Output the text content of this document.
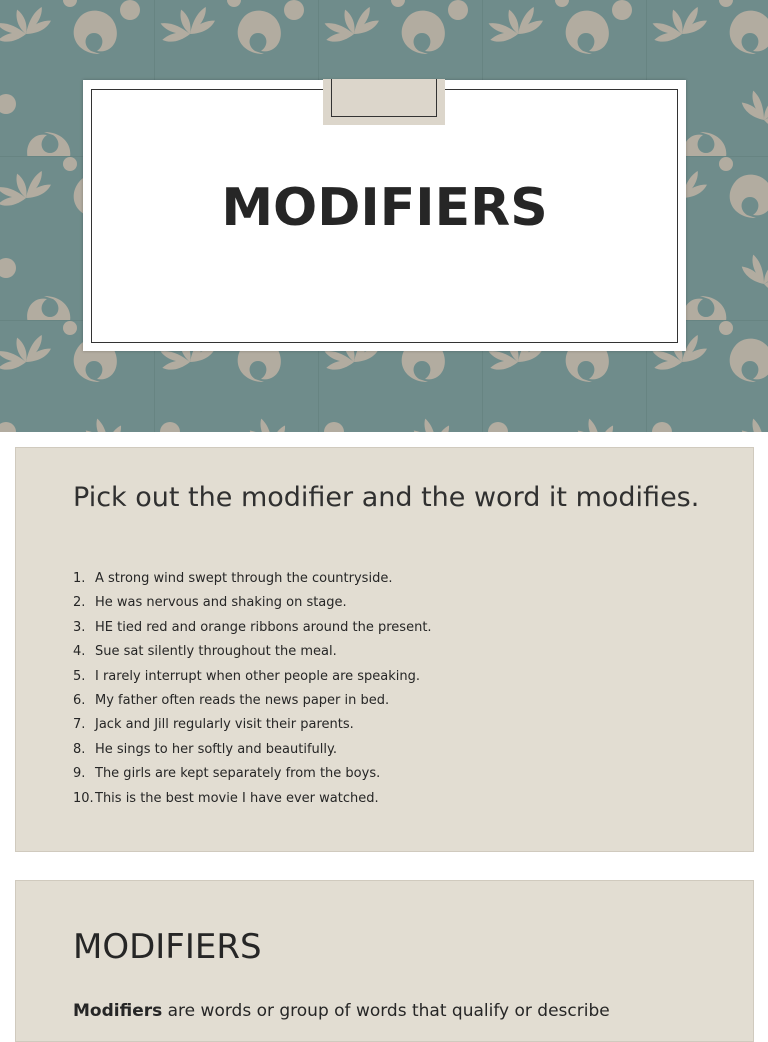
MODIFIERS
Pick out the modifier and the word it modifies.
1. A strong wind swept through the countryside.
2. He was nervous and shaking on stage.
3. HE tied red and orange ribbons around the present.
4. Sue sat silently throughout the meal.
5. I rarely interrupt when other people are speaking.
6. My father often reads the news paper in bed.
7. Jack and Jill regularly visit their parents.
8. He sings to her softly and beautifully.
9. The girls are kept separately from the boys.
10.This is the best movie I have ever watched.
MODIFIERS
Modifiers are words or group of words that qualify or describe
